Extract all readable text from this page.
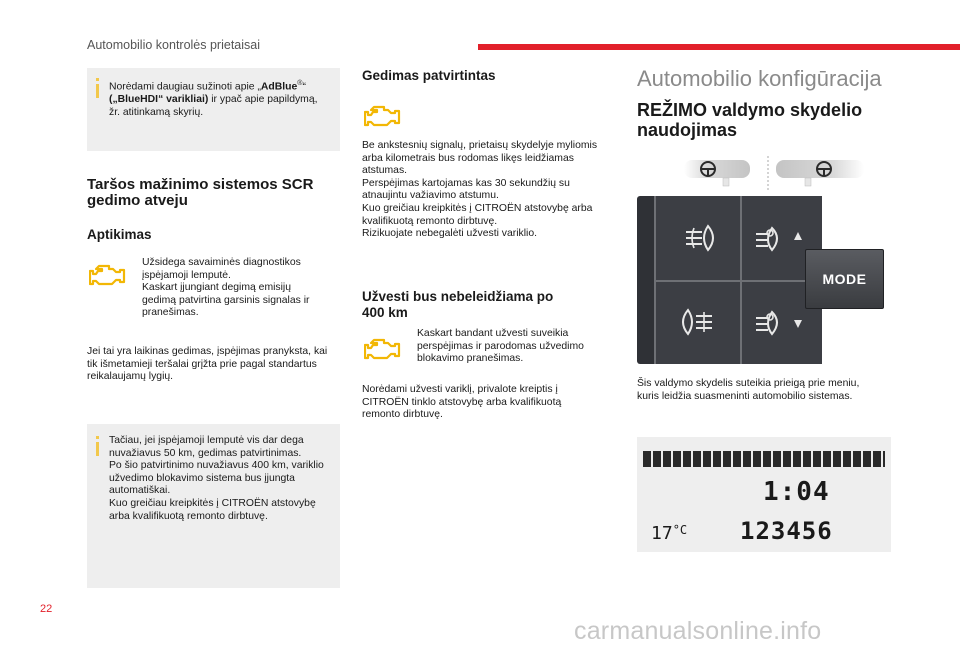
Automobilio kontrolės prietaisai
Norėdami daugiau sužinoti apie „AdBlue®“
(„BlueHDI“ varikliai) ir ypač apie papildymą,
žr. atitinkamą skyrių.
Taršos mažinimo sistemos SCR
gedimo atveju
Aptikimas
Užsidega savaiminės diagnostikos
įspėjamoji lemputė.
Kaskart įjungiant degimą emisijų
gedimą patvirtina garsinis signalas ir
pranešimas.
Jei tai yra laikinas gedimas, įspėjimas pranyksta, kai
tik išmetamieji teršalai grįžta prie pagal standartus
reikalaujamų lygių.
Tačiau, jei įspėjamoji lemputė vis dar dega
nuvažiavus 50 km, gedimas patvirtinimas.
Po šio patvirtinimo nuvažiavus 400 km, variklio
užvedimo blokavimo sistema bus įjungta
automatiškai.
Kuo greičiau kreipkitės į CITROËN atstovybę
arba kvalifikuotą remonto dirbtuvę.
Gedimas patvirtintas
Be ankstesnių signalų, prietaisų skydelyje myliomis
arba kilometrais bus rodomas likęs leidžiamas
atstumas.
Perspėjimas kartojamas kas 30 sekundžių su
atnaujintu važiavimo atstumu.
Kuo greičiau kreipkitės į CITROËN atstovybę arba
kvalifikuotą remonto dirbtuvę.
Rizikuojate nebegalėti užvesti variklio.
Užvesti bus nebeleidžiama po
400 km
Kaskart bandant užvesti suveikia
perspėjimas ir parodomas užvedimo
blokavimo pranešimas.
Norėdami užvesti variklį, privalote kreiptis į
CITROËN tinklo atstovybę arba kvalifikuotą
remonto dirbtuvę.
Automobilio konfigūracija
REŽIMO valdymo skydelio
naudojimas
MODE
Šis valdymo skydelis suteikia prieigą prie meniu,
kuris leidžia suasmeninti automobilio sistemas.
1:04
$17^{^\circ C}$ 123456
22
carmanualsonline.info
